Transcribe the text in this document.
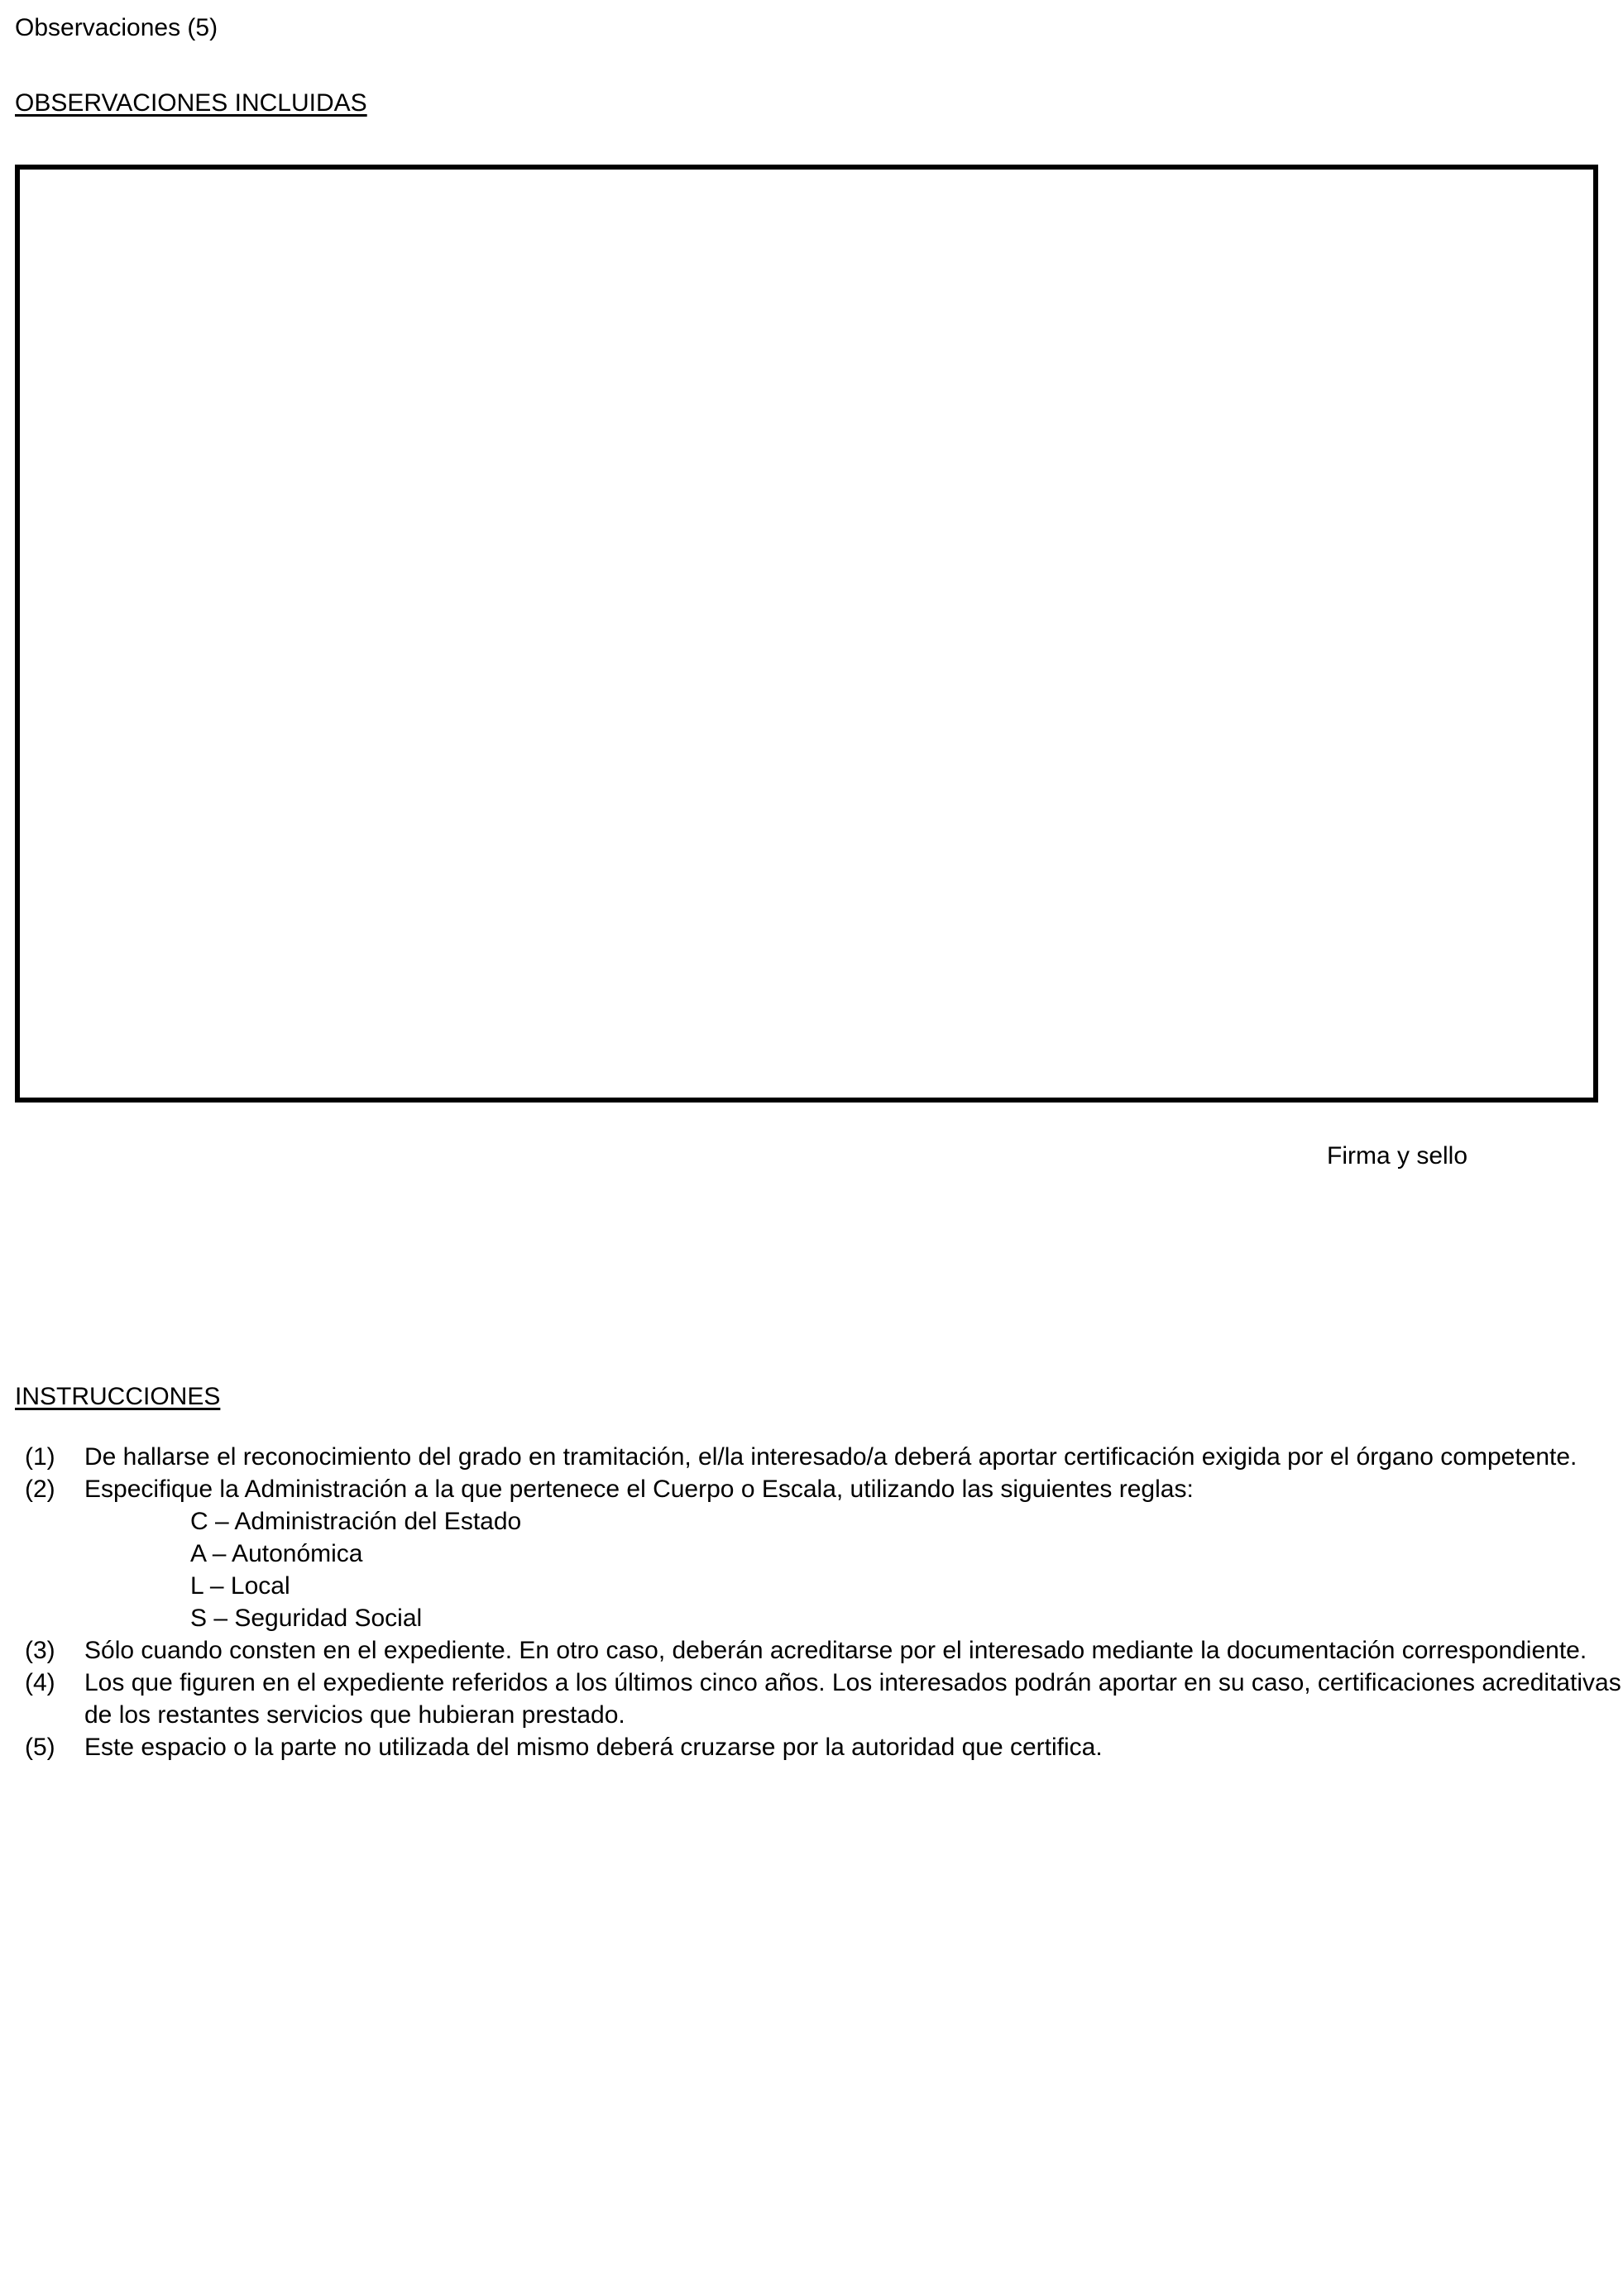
Observaciones (5)
OBSERVACIONES INCLUIDAS
Firma y sello
INSTRUCCIONES
(1) De hallarse el reconocimiento del grado en tramitación, el/la interesado/a deberá aportar certificación exigida por el órgano competente.
(2) Especifique la Administración a la que pertenece el Cuerpo o Escala, utilizando las siguientes reglas:
C – Administración del Estado
A – Autonómica
L – Local
S – Seguridad Social
(3) Sólo cuando consten en el expediente. En otro caso, deberán acreditarse por el interesado mediante la documentación correspondiente.
(4) Los que figuren en el expediente referidos a los últimos cinco años. Los interesados podrán aportar en su caso, certificaciones acreditativas
de los restantes servicios que hubieran prestado.
(5) Este espacio o la parte no utilizada del mismo deberá cruzarse por la autoridad que certifica.
